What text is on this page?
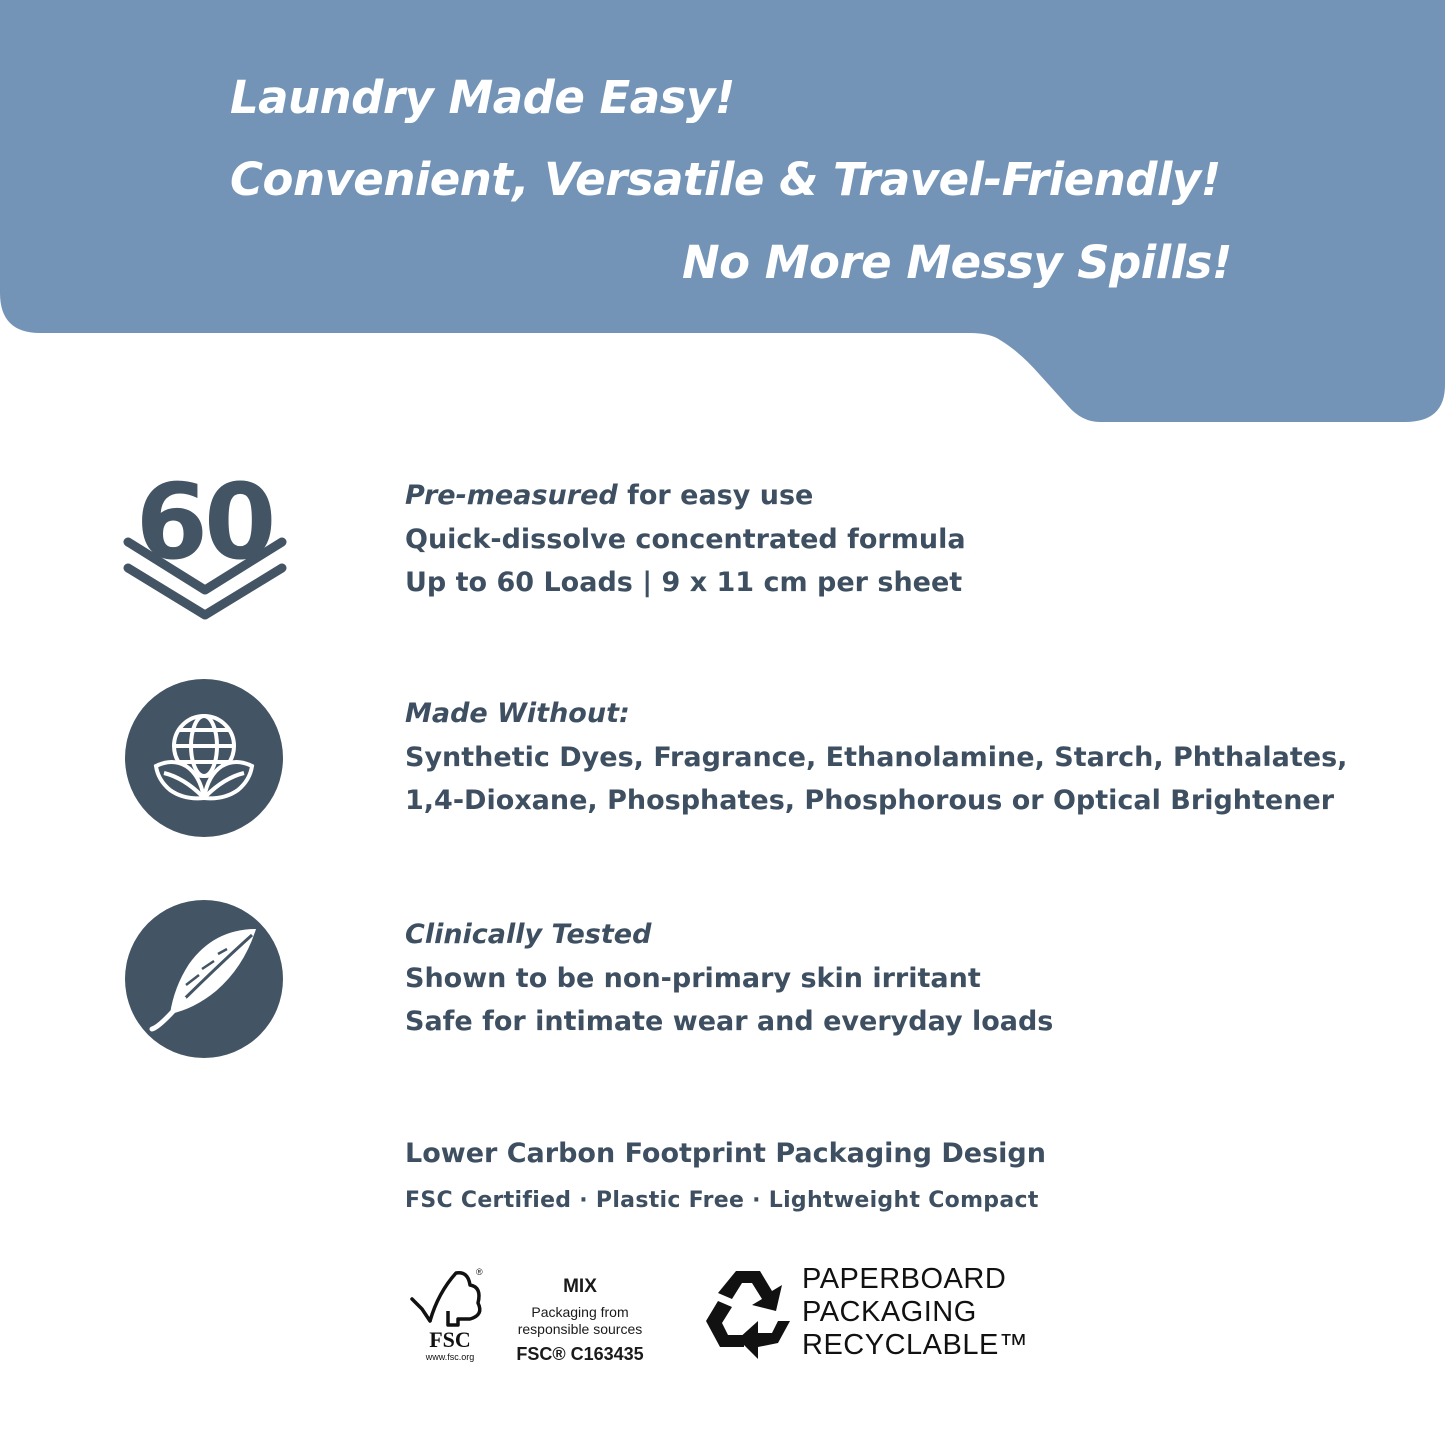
Laundry Made Easy!

Convenient, Versatile & Travel-Friendly!

No More Messy Spills!

60	Pre-measured for easy use
Quick-dissolve concentrated formula
Up to 60 Loads | 9 x 11 cm per sheet
Made Without:
Synthetic Dyes, Fragrance, Ethanolamine, Starch, Phthalates,
1,4-Dioxane, Phosphates, Phosphorous or Optical Brightener
Clinically Tested
Shown to be non-primary skin irritant
Safe for intimate wear and everyday loads
Lower Carbon Footprint Packaging Design
FSC Certified · Plastic Free · Lightweight Compact
®
FSC
www.fsc.org
MIX
Packaging from
responsible sources
FSC® C163435
PAPERBOARD
PACKAGING
RECYCLABLE™
